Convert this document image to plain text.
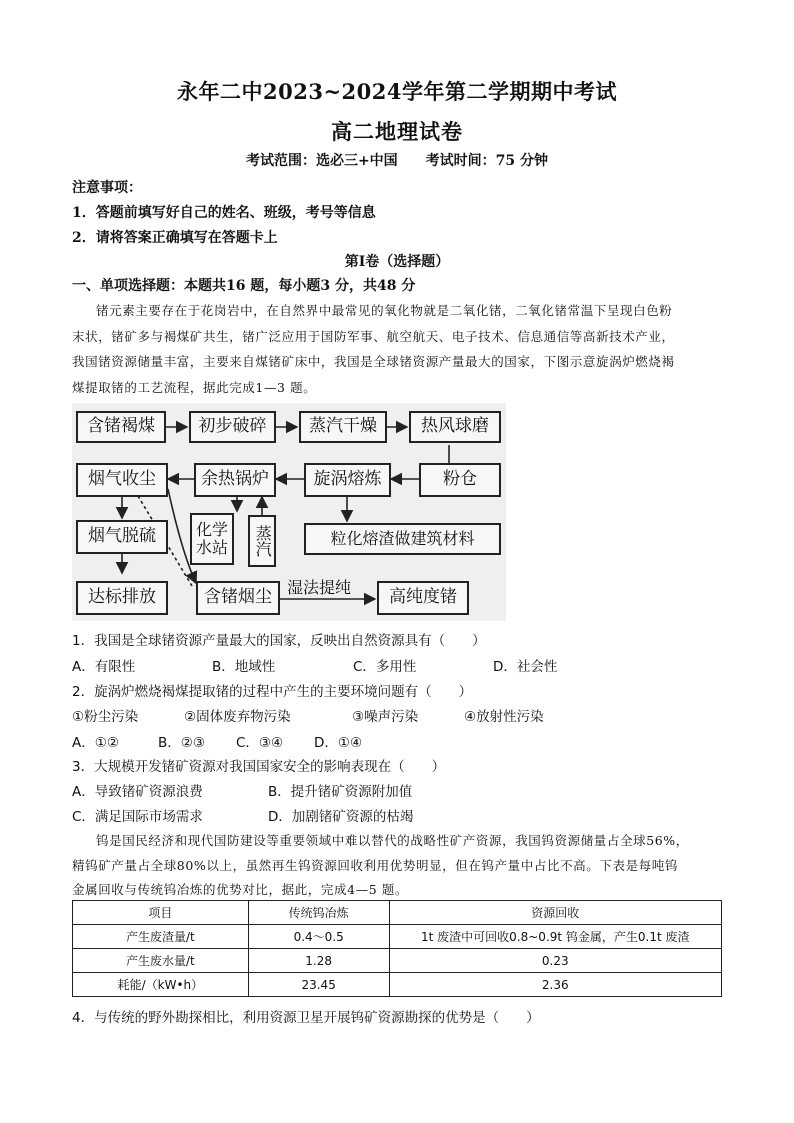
永年二中2023~2024学年第二学期期中考试
高二地理试卷
考试范围：选必三+中国　　考试时间：75 分钟
注意事项：
1．答题前填写好自己的姓名、班级，考号等信息
2．请将答案正确填写在答题卡上
第Ⅰ卷（选择题）
一、单项选择题：本题共16 题，每小题3 分，共48 分
锗元素主要存在于花岗岩中，在自然界中最常见的氧化物就是二氧化锗，二氧化锗常温下呈现白色粉
末状，锗矿多与褐煤矿共生，锗广泛应用于国防军事、航空航天、电子技术、信息通信等高新技术产业，
我国锗资源储量丰富，主要来自煤锗矿床中，我国是全球锗资源产量最大的国家，下图示意旋涡炉燃烧褐
煤提取锗的工艺流程，据此完成1—3 题。
含锗褐煤	初步破碎	蒸汽干燥	热风球磨
烟气收尘	余热锅炉	旋涡熔炼	粉仓
烟气脱硫	化学水站	蒸汽	粒化熔渣做建筑材料
达标排放	含锗烟尘 湿法提纯	高纯度锗
1．我国是全球锗资源产量最大的国家，反映出自然资源具有（　　）
A．有限性	B．地域性	C．多用性	D．社会性
2．旋涡炉燃烧褐煤提取锗的过程中产生的主要环境问题有（　　）
①粉尘污染	②固体废弃物污染	③噪声污染	④放射性污染
A．①②	B．②③ C．③④ D．①④
3．大规模开发锗矿资源对我国国家安全的影响表现在（　　）
A．导致锗矿资源浪费	B．提升锗矿资源附加值
C．满足国际市场需求	D．加剧锗矿资源的枯竭
钨是国民经济和现代国防建设等重要领域中难以替代的战略性矿产资源，我国钨资源储量占全球56%，
精钨矿产量占全球80%以上，虽然再生钨资源回收利用优势明显，但在钨产量中占比不高。下表是每吨钨
金属回收与传统钨冶炼的优势对比，据此，完成4—5 题。
项目	传统钨冶炼	资源回收
产生废渣量/t	0.4～0.5	1t 废渣中可回收0.8~0.9t 钨金属，产生0.1t 废渣
产生废水量/t	1.28	0.23
耗能/（kW•h）	23.45	2.36
4．与传统的野外勘探相比，利用资源卫星开展钨矿资源勘探的优势是（　　）
